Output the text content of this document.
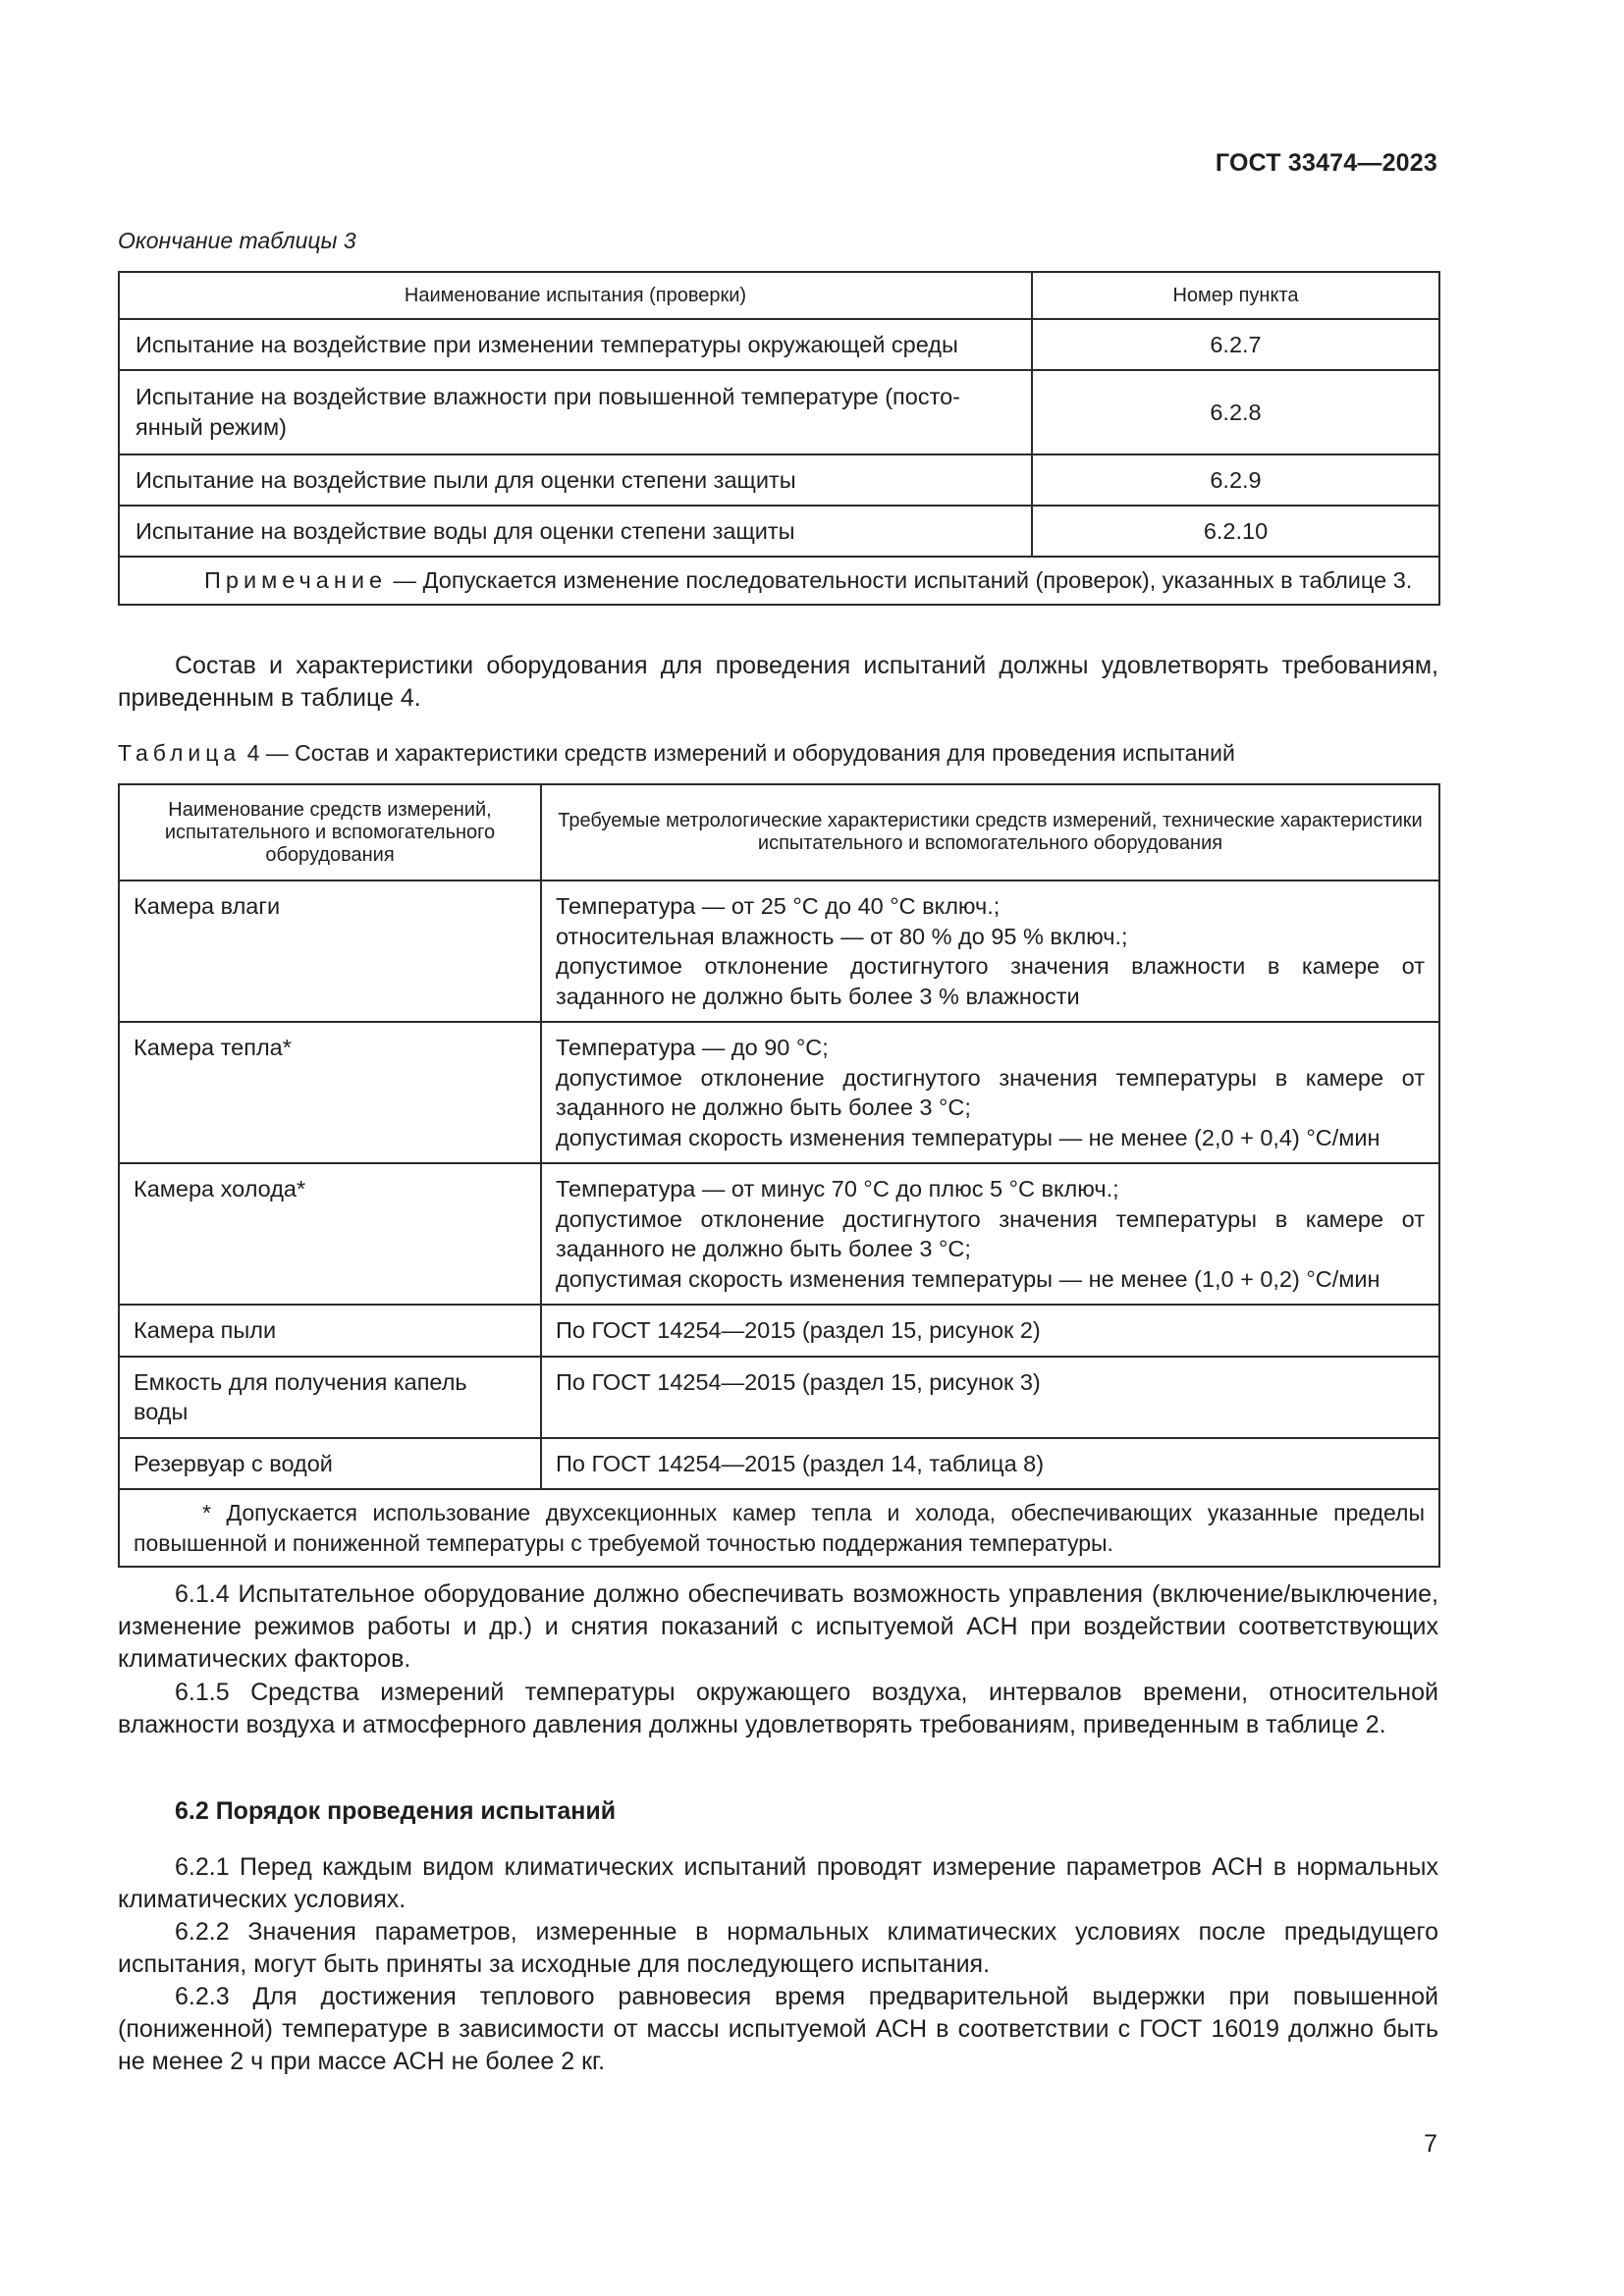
ГОСТ 33474—2023
Окончание таблицы 3
Наименование испытания (проверки)	Номер пункта
Испытание на воздействие при изменении температуры окружающей среды	6.2.7
Испытание на воздействие влажности при повышенной температуре (посто-янный режим)	6.2.8
Испытание на воздействие пыли для оценки степени защиты	6.2.9
Испытание на воздействие воды для оценки степени защиты	6.2.10
Примечание — Допускается изменение последовательности испытаний (проверок), указанных в таблице 3.	

Состав и характеристики оборудования для проведения испытаний должны удовлетворять требованиям, приведенным в таблице 4.

Таблица 4 — Состав и характеристики средств измерений и оборудования для проведения испытаний
Наименование средств измерений, испытательного и вспомогательного оборудования	Требуемые метрологические характеристики средств измерений, технические характеристики испытательного и вспомогательного оборудования
Камера влаги	Температура — от 25 °С до 40 °С включ.;
относительная влажность — от 80 % до 95 % включ.;
допустимое отклонение достигнутого значения влажности в камере от заданного не должно быть более 3 % влажности

Камера тепла*	Температура — до 90 °С;
допустимое отклонение достигнутого значения температуры в камере от заданного не должно быть более 3 °С;
допустимая скорость изменения температуры — не менее (2,0 + 0,4) °С/мин

Камера холода*	Температура — от минус 70 °С до плюс 5 °С включ.;
допустимое отклонение достигнутого значения температуры в камере от заданного не должно быть более 3 °С;
допустимая скорость изменения температуры — не менее (1,0 + 0,2) °С/мин

Камера пыли	По ГОСТ 14254—2015 (раздел 15, рисунок 2)

Емкость для получения капель воды	По ГОСТ 14254—2015 (раздел 15, рисунок 3)

Резервуар с водой	По ГОСТ 14254—2015 (раздел 14, таблица 8)

* Допускается использование двухсекционных камер тепла и холода, обеспечивающих указанные пределы повышенной и пониженной температуры с требуемой точностью поддержания температуры.	

6.1.4 Испытательное оборудование должно обеспечивать возможность управления (включение/выключение, изменение режимов работы и др.) и снятия показаний с испытуемой АСН при воздействии соответствующих климатических факторов.

6.1.5 Средства измерений температуры окружающего воздуха, интервалов времени, относительной влажности воздуха и атмосферного давления должны удовлетворять требованиям, приведенным в таблице 2.

6.2 Порядок проведения испытаний

6.2.1 Перед каждым видом климатических испытаний проводят измерение параметров АСН в нормальных климатических условиях.

6.2.2 Значения параметров, измеренные в нормальных климатических условиях после предыдущего испытания, могут быть приняты за исходные для последующего испытания.

6.2.3 Для достижения теплового равновесия время предварительной выдержки при повышенной (пониженной) температуре в зависимости от массы испытуемой АСН в соответствии с ГОСТ 16019 должно быть не менее 2 ч при массе АСН не более 2 кг.

7
